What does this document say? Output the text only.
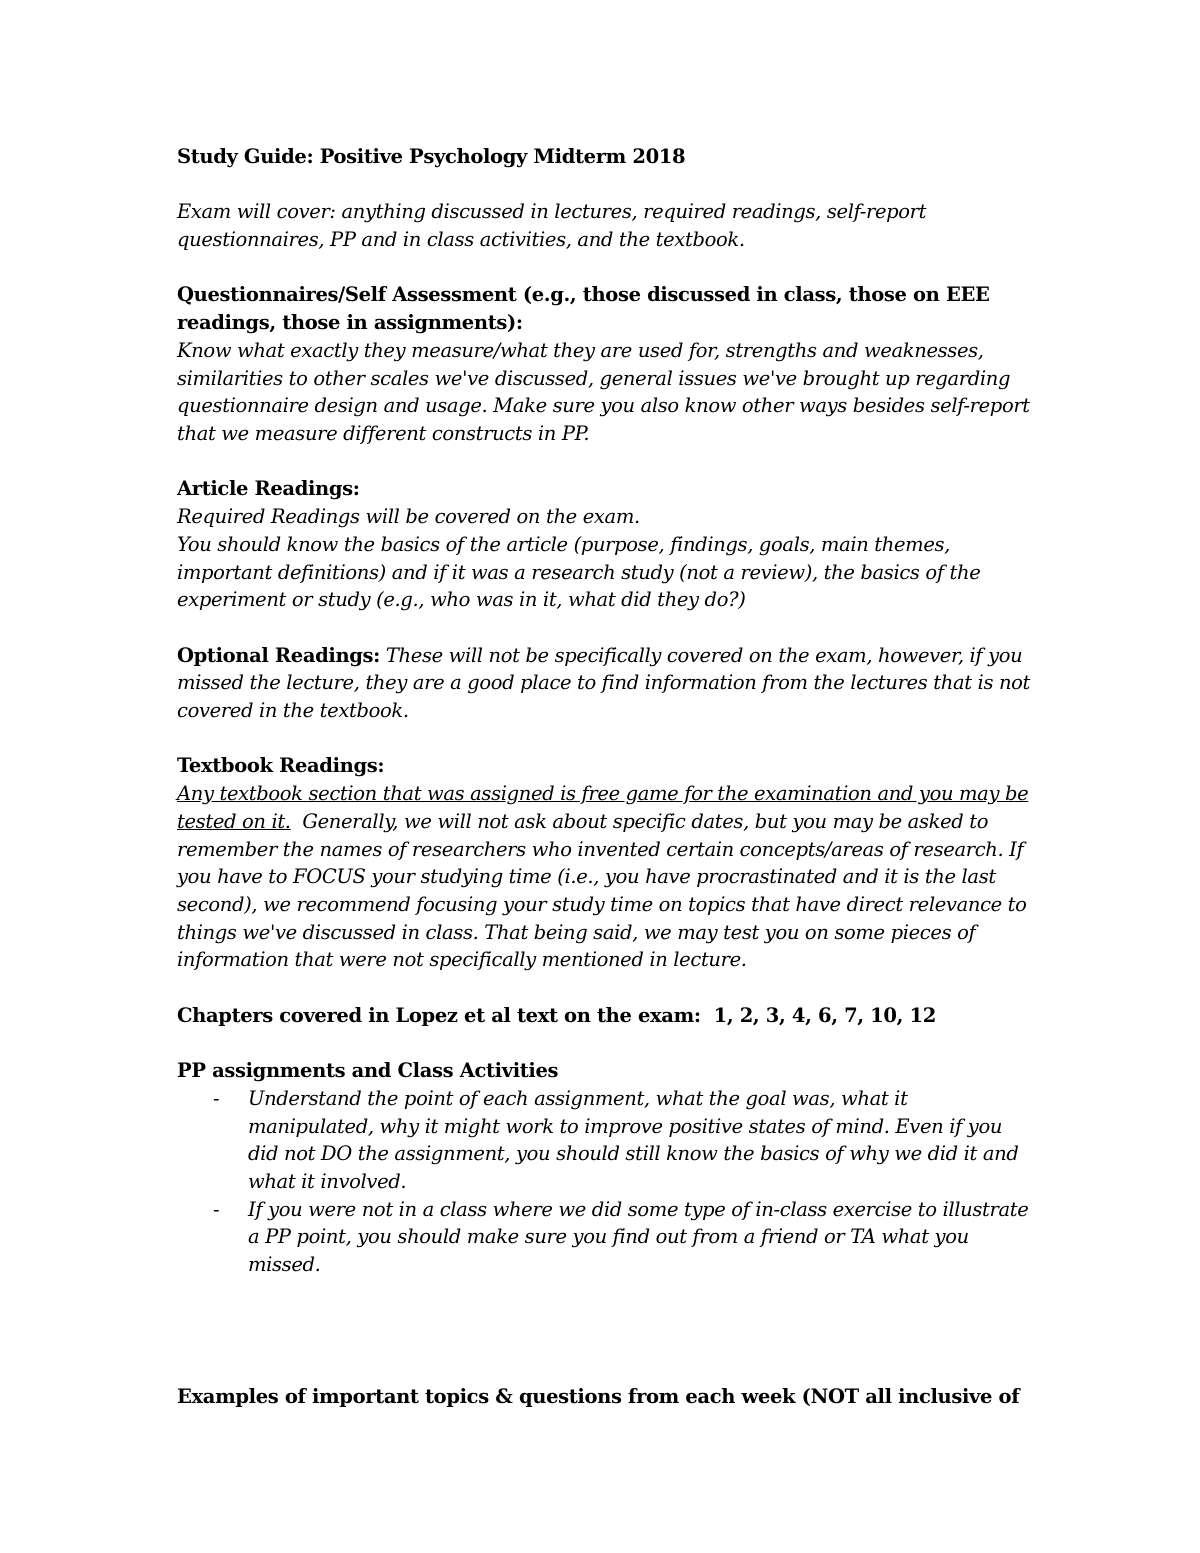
Study Guide: Positive Psychology Midterm 2018

Exam will cover: anything discussed in lectures, required readings, self-report questionnaires, PP and in class activities, and the textbook.

Questionnaires/Self Assessment (e.g., those discussed in class, those on EEE readings, those in assignments):

Know what exactly they measure/what they are used for, strengths and weaknesses, similarities to other scales we've discussed, general issues we've brought up regarding questionnaire design and usage. Make sure you also know other ways besides self-report that we measure different constructs in PP.

Article Readings:

Required Readings will be covered on the exam.

You should know the basics of the article (purpose, findings, goals, main themes, important definitions) and if it was a research study (not a review), the basics of the experiment or study (e.g., who was in it, what did they do?)

Optional Readings: These will not be specifically covered on the exam, however, if you missed the lecture, they are a good place to find information from the lectures that is not covered in the textbook.

Textbook Readings:

Any textbook section that was assigned is free game for the examination and you may be tested on it.  Generally, we will not ask about specific dates, but you may be asked to remember the names of researchers who invented certain concepts/areas of research. If you have to FOCUS your studying time (i.e., you have procrastinated and it is the last second), we recommend focusing your study time on topics that have direct relevance to things we've discussed in class. That being said, we may test you on some pieces of information that were not specifically mentioned in lecture.

Chapters covered in Lopez et al text on the exam: 1, 2, 3, 4, 6, 7, 10, 12

PP assignments and Class Activities

- Understand the point of each assignment, what the goal was, what it manipulated, why it might work to improve positive states of mind. Even if you did not DO the assignment, you should still know the basics of why we did it and what it involved.
- If you were not in a class where we did some type of in-class exercise to illustrate a PP point, you should make sure you find out from a friend or TA what you missed.
Examples of important topics & questions from each week (NOT all inclusive of
